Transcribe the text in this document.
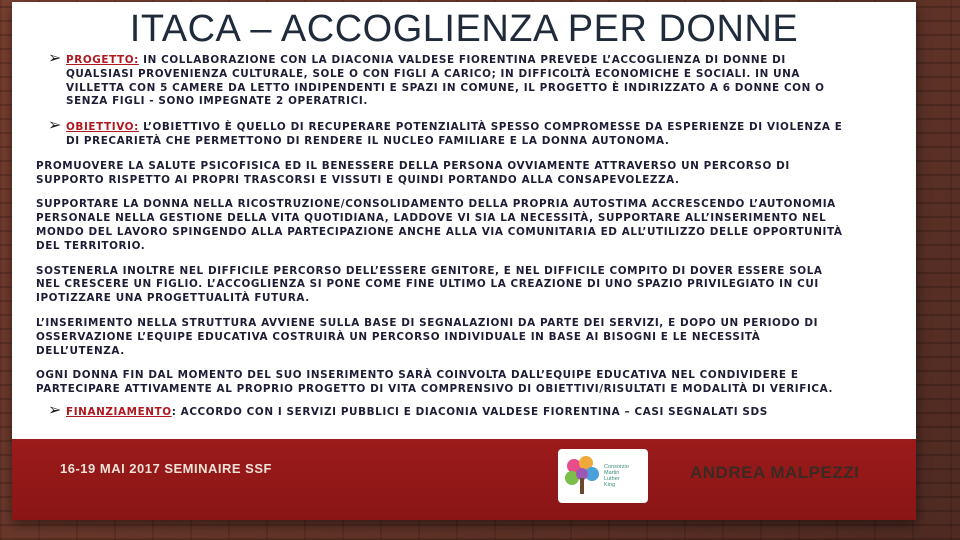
ITACA – ACCOGLIENZA PER DONNE
➢ PROGETTO: IN COLLABORAZIONE CON LA DIACONIA VALDESE FIORENTINA PREVEDE L’ACCOGLIENZA DI DONNE DI QUALSIASI PROVENIENZA CULTURALE, SOLE O CON FIGLI A CARICO; IN DIFFICOLTÀ ECONOMICHE E SOCIALI. IN UNA VILLETTA CON 5 CAMERE DA LETTO INDIPENDENTI E SPAZI IN COMUNE, IL PROGETTO È INDIRIZZATO A 6 DONNE CON O SENZA FIGLI - SONO IMPEGNATE 2 OPERATRICI.
➢ OBIETTIVO: L’OBIETTIVO È QUELLO DI RECUPERARE POTENZIALITÀ SPESSO COMPROMESSE DA ESPERIENZE DI VIOLENZA E DI PRECARIETÀ CHE PERMETTONO DI RENDERE IL NUCLEO FAMILIARE E LA DONNA AUTONOMA.
PROMUOVERE LA SALUTE PSICOFISICA ED IL BENESSERE DELLA PERSONA OVVIAMENTE ATTRAVERSO UN PERCORSO DI SUPPORTO RISPETTO AI PROPRI TRASCORSI E VISSUTI E QUINDI PORTANDO ALLA CONSAPEVOLEZZA.
SUPPORTARE LA DONNA NELLA RICOSTRUZIONE/CONSOLIDAMENTO DELLA PROPRIA AUTOSTIMA ACCRESCENDO L’AUTONOMIA PERSONALE NELLA GESTIONE DELLA VITA QUOTIDIANA, LADDOVE VI SIA LA NECESSITÀ, SUPPORTARE ALL’INSERIMENTO NEL MONDO DEL LAVORO SPINGENDO ALLA PARTECIPAZIONE ANCHE ALLA VIA COMUNITARIA ED ALL’UTILIZZO DELLE OPPORTUNITÀ DEL TERRITORIO.
SOSTENERLA INOLTRE NEL DIFFICILE PERCORSO DELL’ESSERE GENITORE, E NEL DIFFICILE COMPITO DI DOVER ESSERE SOLA NEL CRESCERE UN FIGLIO. L’ACCOGLIENZA SI PONE COME FINE ULTIMO LA CREAZIONE DI UNO SPAZIO PRIVILEGIATO IN CUI IPOTIZZARE UNA PROGETTUALITÀ FUTURA.
L’INSERIMENTO NELLA STRUTTURA AVVIENE SULLA BASE DI SEGNALAZIONI DA PARTE DEI SERVIZI, E DOPO UN PERIODO DI OSSERVAZIONE L’EQUIPE EDUCATIVA COSTRUIRÀ UN PERCORSO INDIVIDUALE IN BASE AI BISOGNI E LE NECESSITÀ DELL’UTENZA.
OGNI DONNA FIN DAL MOMENTO DEL SUO INSERIMENTO SARÀ COINVOLTA DALL’EQUIPE EDUCATIVA NEL CONDIVIDERE E PARTECIPARE ATTIVAMENTE AL PROPRIO PROGETTO DI VITA COMPRENSIVO DI OBIETTIVI/RISULTATI E MODALITÀ DI VERIFICA.
➢ FINANZIAMENTO: ACCORDO CON I SERVIZI PUBBLICI E DIACONIA VALDESE FIORENTINA – CASI SEGNALATI SDS
16-19 MAI 2017 SEMINAIRE SSF	Consorzio Martin Luther King
ANDREA MALPEZZI
